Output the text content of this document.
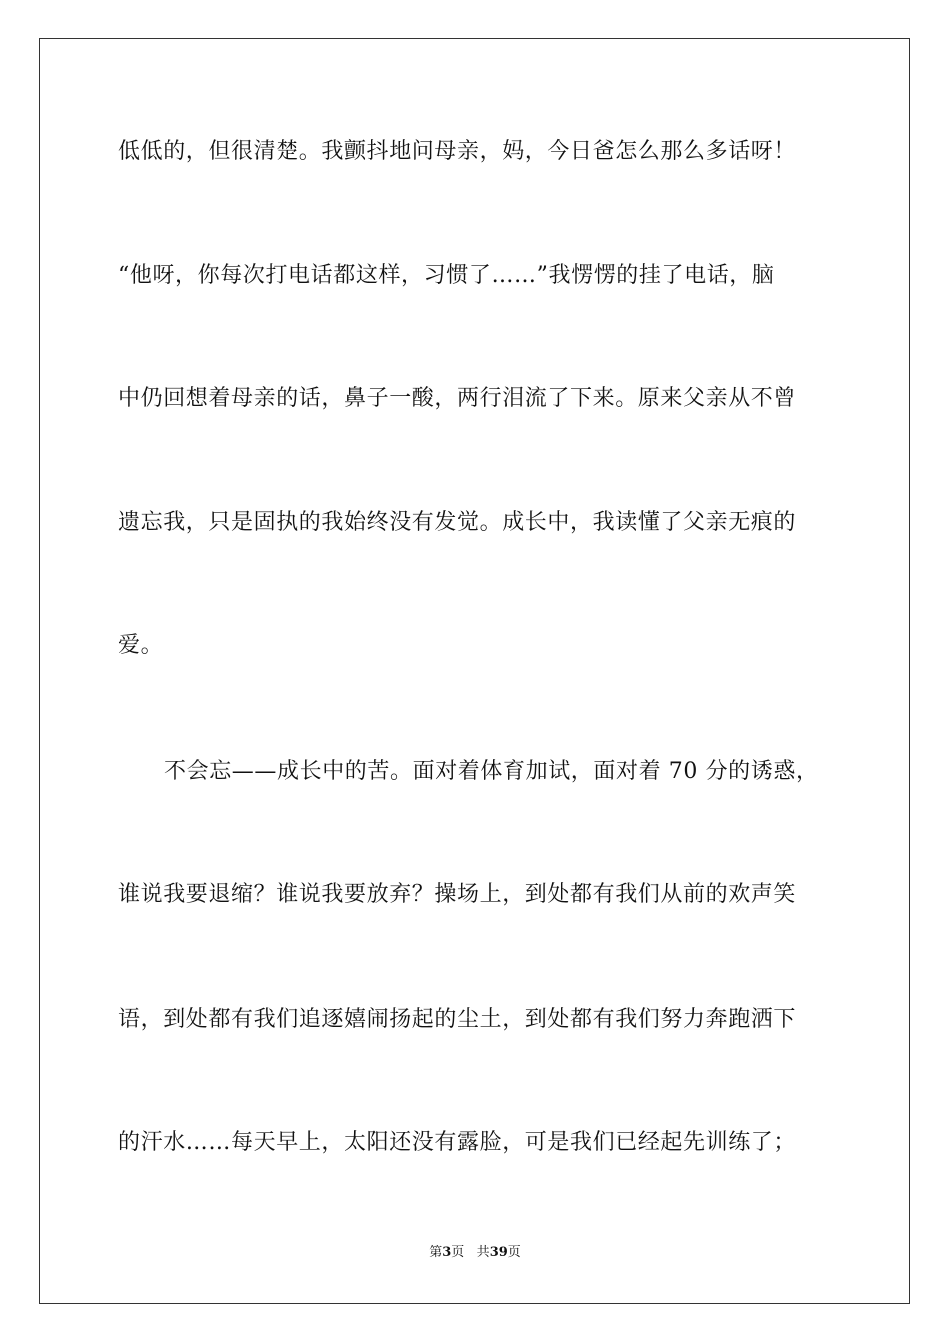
低低的，但很清楚。我颤抖地问母亲，妈，今日爸怎么那么多话呀！
“他呀，你每次打电话都这样，习惯了……”我愣愣的挂了电话，脑
中仍回想着母亲的话，鼻子一酸，两行泪流了下来。原来父亲从不曾
遗忘我，只是固执的我始终没有发觉。成长中，我读懂了父亲无痕的
爱。
不会忘——成长中的苦。面对着体育加试，面对着 70 分的诱惑，
谁说我要退缩？谁说我要放弃？操场上，到处都有我们从前的欢声笑
语，到处都有我们追逐嬉闹扬起的尘土，到处都有我们努力奔跑洒下
的汗水……每天早上，太阳还没有露脸，可是我们已经起先训练了；
第3页 共39页
